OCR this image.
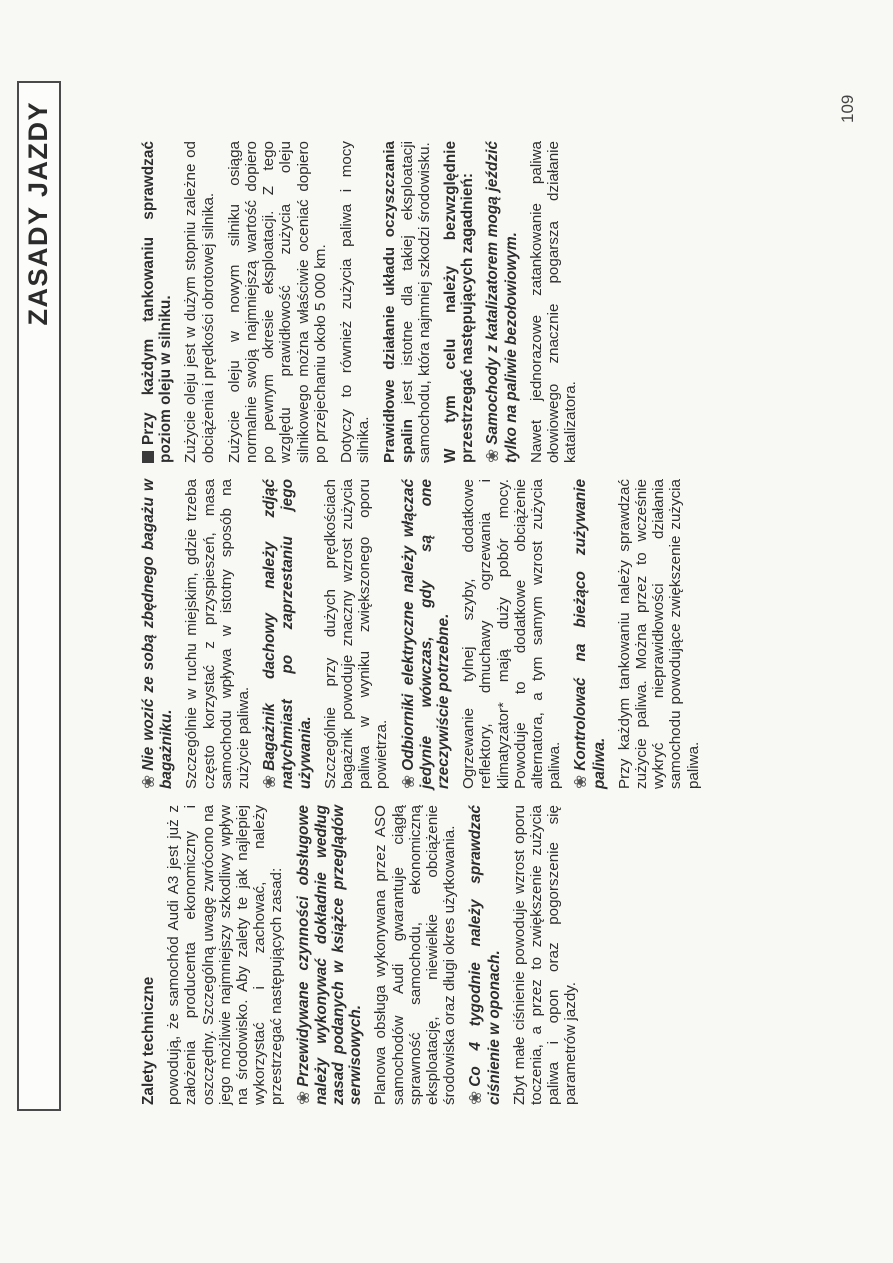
ZASADY JAZDY
Zalety techniczne powodują, że samochód Audi A3 jest już z założenia producenta ekonomiczny i oszczędny. Szczególną uwagę zwrócono na jego możliwie najmniejszy szkodliwy wpływ na środowisko. Aby zalety te jak najlepiej wykorzystać i zachować, należy przestrzegać następujących zasad: ❀Przewidywane czynności obsługowe należy wykonywać dokładnie według zasad podanych w książce przeglądów serwisowych. Planowa obsługa wykonywana przez ASO samochodów Audi gwarantuje ciągłą sprawność samochodu, ekonomiczną eksploatację, niewielkie obciążenie środowiska oraz długi okres użytkowania. ❀Co 4 tygodnie należy sprawdzać ciśnienie w oponach. Zbyt małe ciśnienie powoduje wzrost oporu toczenia, a przez to zwiększenie zużycia paliwa i opon oraz pogorszenie się parametrów jazdy.

❀Nie wozić ze sobą zbędnego bagażu w bagażniku. Szczególnie w ruchu miejskim, gdzie trzeba często korzystać z przyspieszeń, masa samochodu wpływa w istotny sposób na zużycie paliwa. ❀Bagażnik dachowy należy zdjąć natychmiast po zaprzestaniu jego używania. Szczególnie przy dużych prędkościach bagażnik powoduje znaczny wzrost zużycia paliwa w wyniku zwiększonego oporu powietrza. ❀Odbiorniki elektryczne należy włączać jedynie wówczas, gdy są one rzeczywiście potrzebne. Ogrzewanie tylnej szyby, dodatkowe reflektory, dmuchawy ogrzewania i klimatyzator* mają duży pobór mocy. Powoduje to dodatkowe obciążenie alternatora, a tym samym wzrost zużycia paliwa. ❀Kontrolować na bieżąco zużywanie paliwa. Przy każdym tankowaniu należy sprawdzać zużycie paliwa. Można przez to wcześnie wykryć nieprawidłowości działania samochodu powodujące zwiększenie zużycia paliwa.

Przy każdym tankowaniu sprawdzać poziom oleju w silniku. Zużycie oleju jest w dużym stopniu zależne od obciążenia i prędkości obrotowej silnika. Zużycie oleju w nowym silniku osiąga normalnie swoją najmniejszą wartość dopiero po pewnym okresie eksploatacji. Z tego względu prawidłowość zużycia oleju silnikowego można właściwie oceniać dopiero po przejechaniu około 5 000 km. Dotyczy to również zużycia paliwa i mocy silnika. Prawidłowe działanie układu oczyszczania spalin jest istotne dla takiej eksploatacji samochodu, która najmniej szkodzi środowisku. W tym celu należy bezwzględnie przestrzegać następujących zagadnień: ❀Samochody z katalizatorem mogą jeździć tylko na paliwie bezołowiowym. Nawet jednorazowe zatankowanie paliwa ołowiowego znacznie pogarsza działanie katalizatora.

109
